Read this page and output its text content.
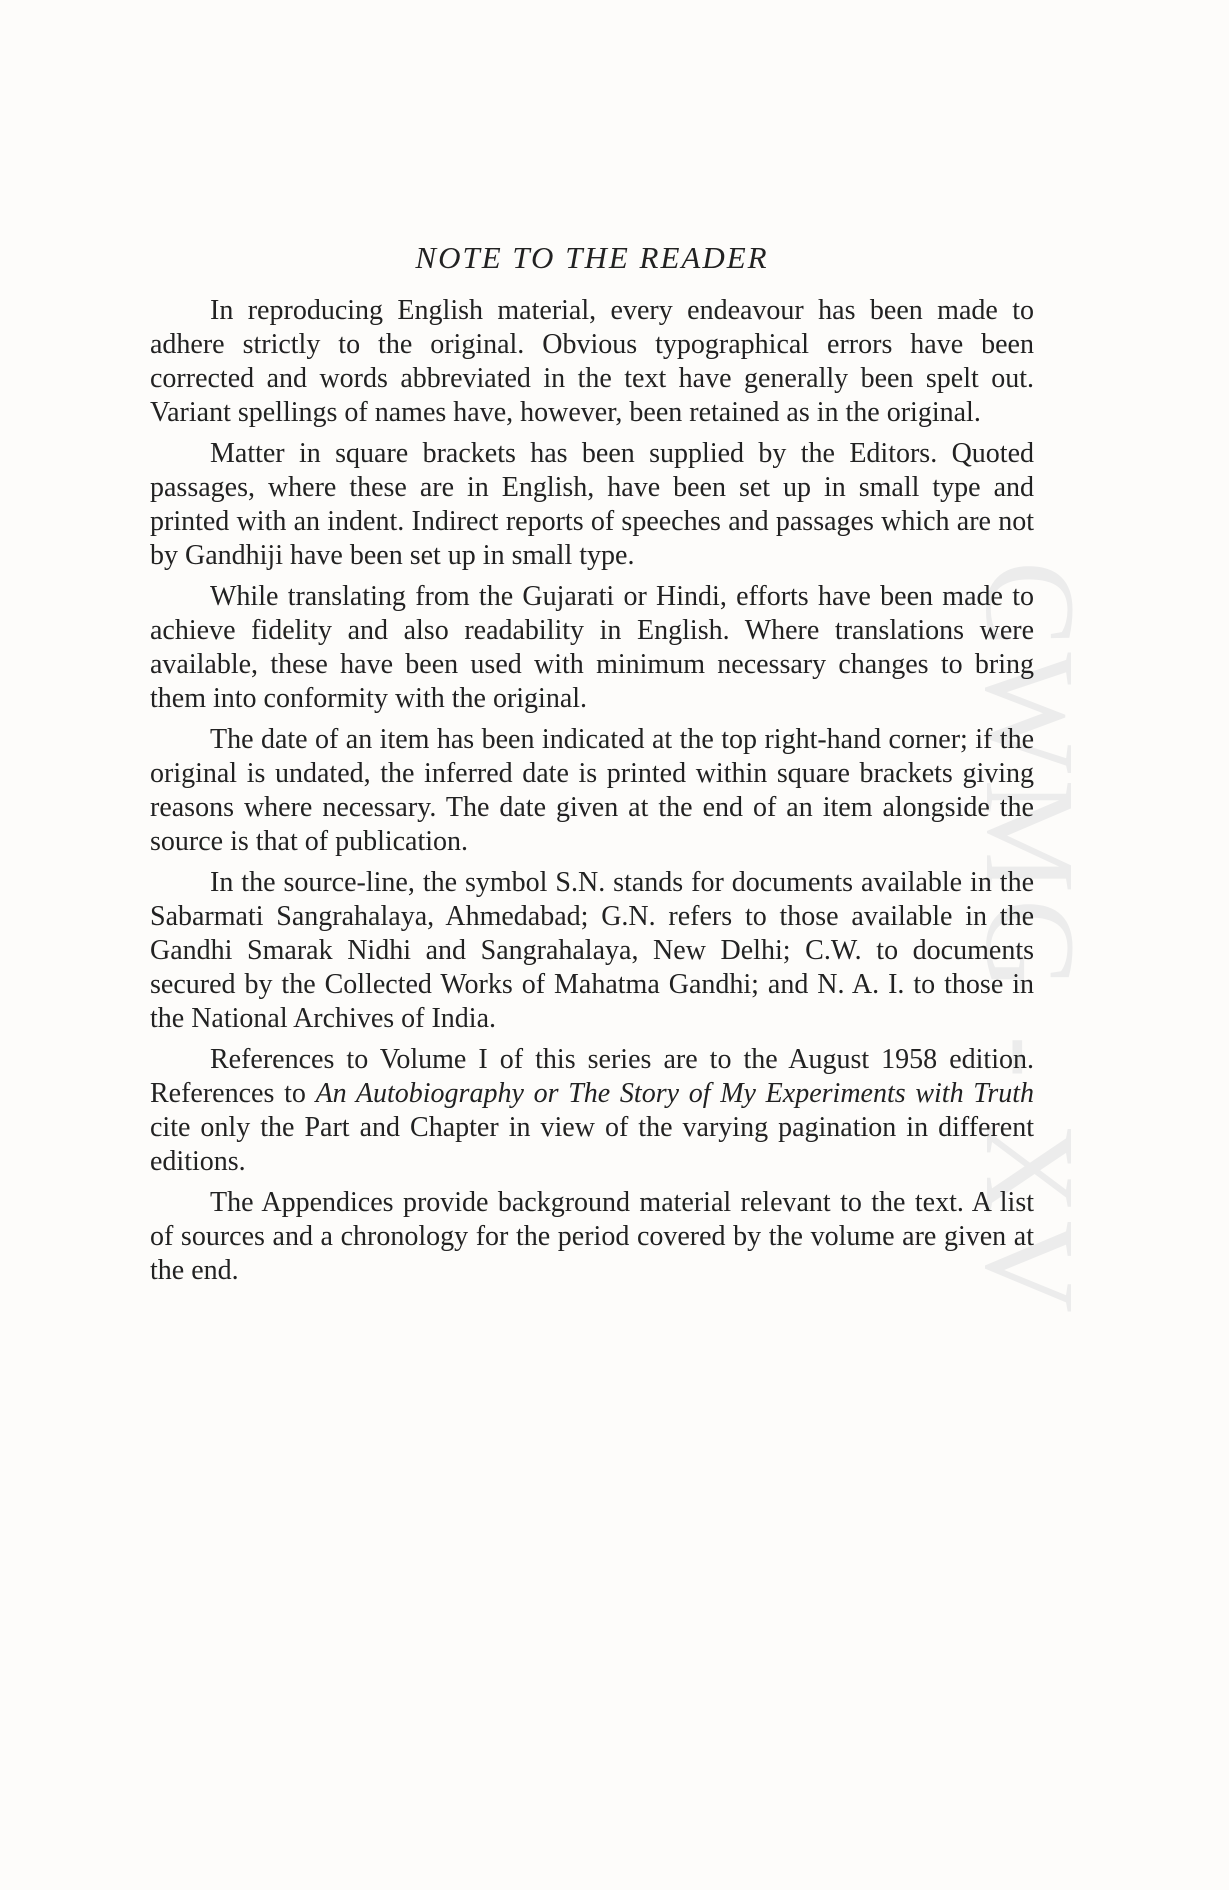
CWMG - XV
NOTE TO THE READER

In reproducing English material, every endeavour has been made to adhere strictly to the original. Obvious typographical errors have been corrected and words abbreviated in the text have generally been spelt out. Variant spellings of names have, however, been retained as in the original.

Matter in square brackets has been supplied by the Editors. Quoted passages, where these are in English, have been set up in small type and printed with an indent. Indirect reports of speeches and passages which are not by Gandhiji have been set up in small type.

While translating from the Gujarati or Hindi, efforts have been made to achieve fidelity and also readability in English. Where translations were available, these have been used with minimum necessary changes to bring them into conformity with the original.

The date of an item has been indicated at the top right-hand corner; if the original is undated, the inferred date is printed within square brackets giving reasons where necessary. The date given at the end of an item alongside the source is that of publication.

In the source-line, the symbol S.N. stands for documents available in the Sabarmati Sangrahalaya, Ahmedabad; G.N. refers to those available in the Gandhi Smarak Nidhi and Sangrahalaya, New Delhi; C.W. to documents secured by the Collected Works of Mahatma Gandhi; and N. A. I. to those in the National Archives of India.

References to Volume I of this series are to the August 1958 edition. References to An Autobiography or The Story of My Experiments with Truth cite only the Part and Chapter in view of the varying pagination in different editions.

The Appendices provide background material relevant to the text. A list of sources and a chronology for the period covered by the volume are given at the end.
